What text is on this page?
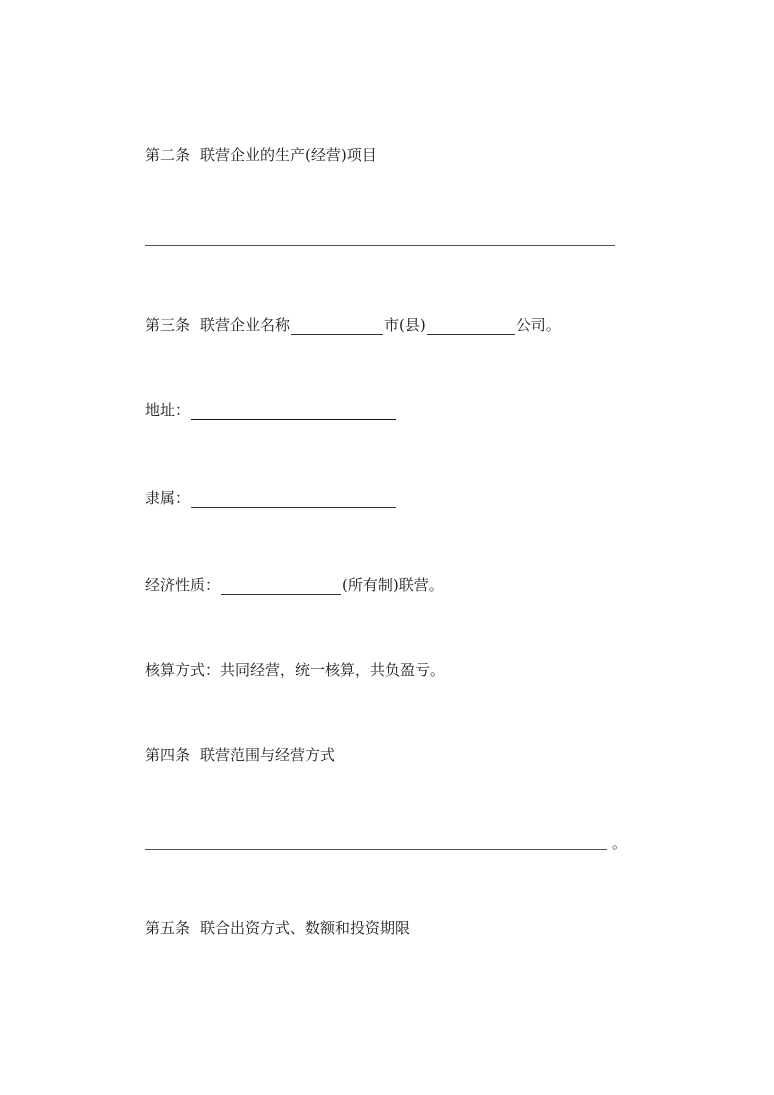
第二条 联营企业的生产(经营)项目
第三条 联营企业名称	市(县)	公司。
地址：
隶属：
经济性质：	(所有制)联营。
核算方式：共同经营，统一核算，共负盈亏。
第四条 联营范围与经营方式
。
第五条 联合出资方式、数额和投资期限
